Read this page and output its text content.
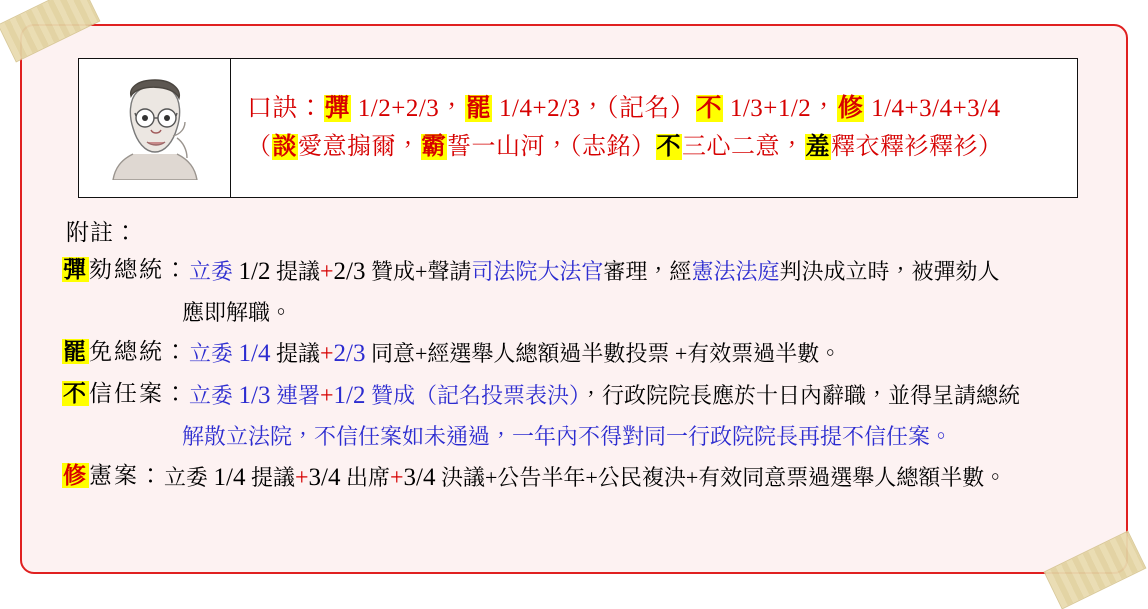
口訣：彈 1/2+2/3，罷 1/4+2/3，（記名）不 1/3+1/2，修 1/4+3/4+3/4
（談愛意搧爾，霸誓一山河，（志銘）不三心二意，羞釋衣釋衫釋衫）
附註：
彈劾總統： 立委 1/2 提議+2/3 贊成+聲請司法院大法官審理，經憲法法庭判決成立時，被彈劾人
應即解職。
罷免總統： 立委 1/4 提議+2/3 同意+經選舉人總額過半數投票 +有效票過半數。
不信任案： 立委 1/3 連署+1/2 贊成（記名投票表決），行政院院長應於十日內辭職，並得呈請總統
解散立法院，不信任案如未通過，一年內不得對同一行政院院長再提不信任案。
修憲案： 立委 1/4 提議+3/4 出席+3/4 決議+公告半年+公民複決+有效同意票過選舉人總額半數。
